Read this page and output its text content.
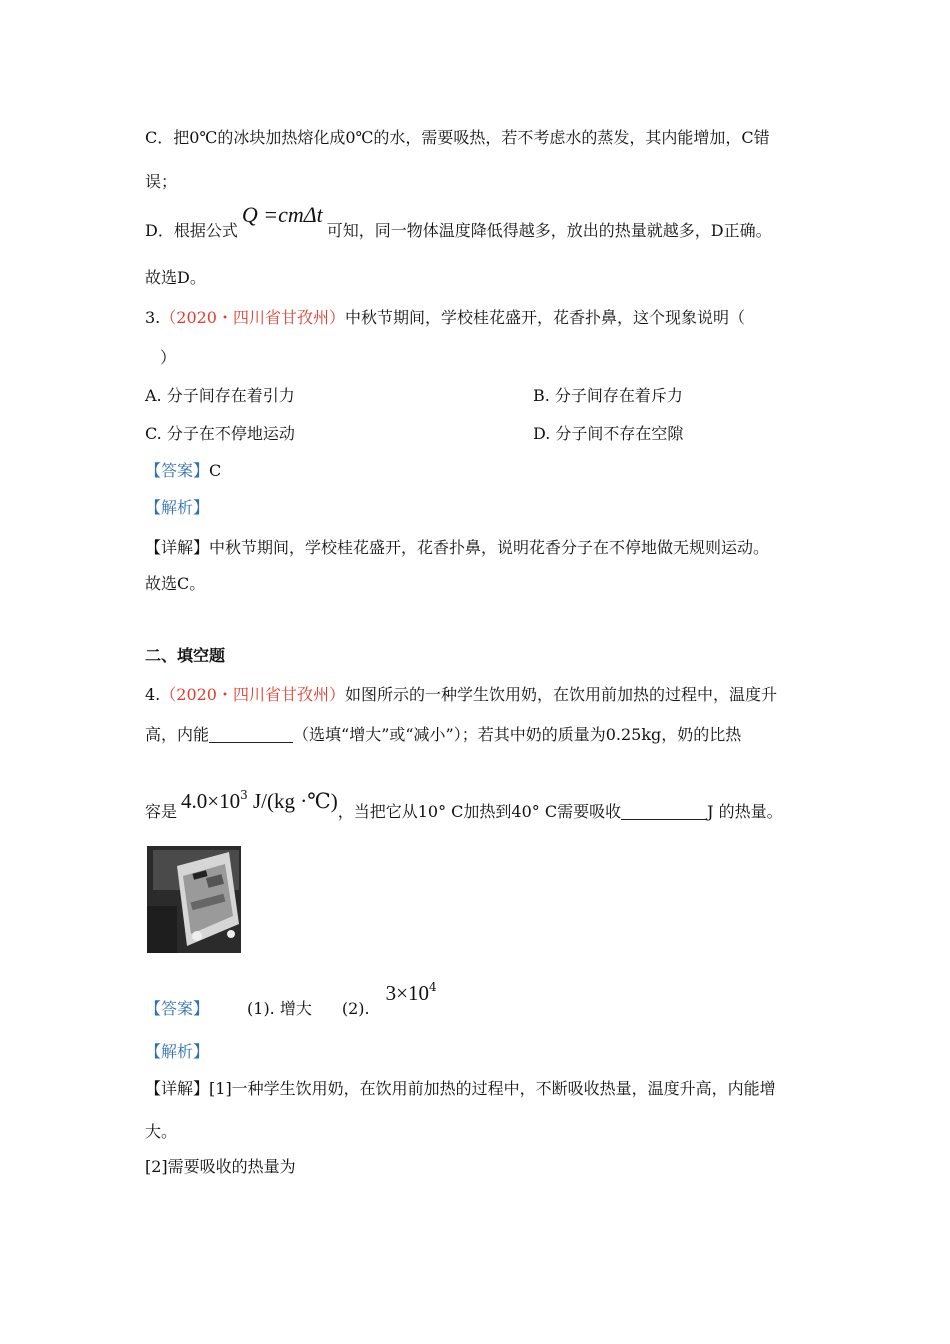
C．把0℃的冰块加热熔化成0℃的水，需要吸热，若不考虑水的蒸发，其内能增加，C错
误；
D．根据公式Q =cmΔt可知，同一物体温度降低得越多，放出的热量就越多，D正确。
故选D。
3.（2020・四川省甘孜州）中秋节期间，学校桂花盛开，花香扑鼻，这个现象说明（
）
A. 分子间存在着引力	B. 分子间存在着斥力
C. 分子在不停地运动	D. 分子间不存在空隙
【答案】C
【解析】
【详解】中秋节期间，学校桂花盛开，花香扑鼻，说明花香分子在不停地做无规则运动。
故选C。
二、填空题
4.（2020・四川省甘孜州）如图所示的一种学生饮用奶，在饮用前加热的过程中，温度升
高，内能	（选填“增大”或“减小”）；若其中奶的质量为0.25kg，奶的比热
容是 $4.0\times 10^3$ J/(kg ·℃)，当把它从10° C加热到40° C需要吸收	J 的热量。
【答案】 (1). 增大 $(2).3\times 10^4$
【解析】
【详解】[1]一种学生饮用奶，在饮用前加热的过程中，不断吸收热量，温度升高，内能增
大。
[2]需要吸收的热量为
